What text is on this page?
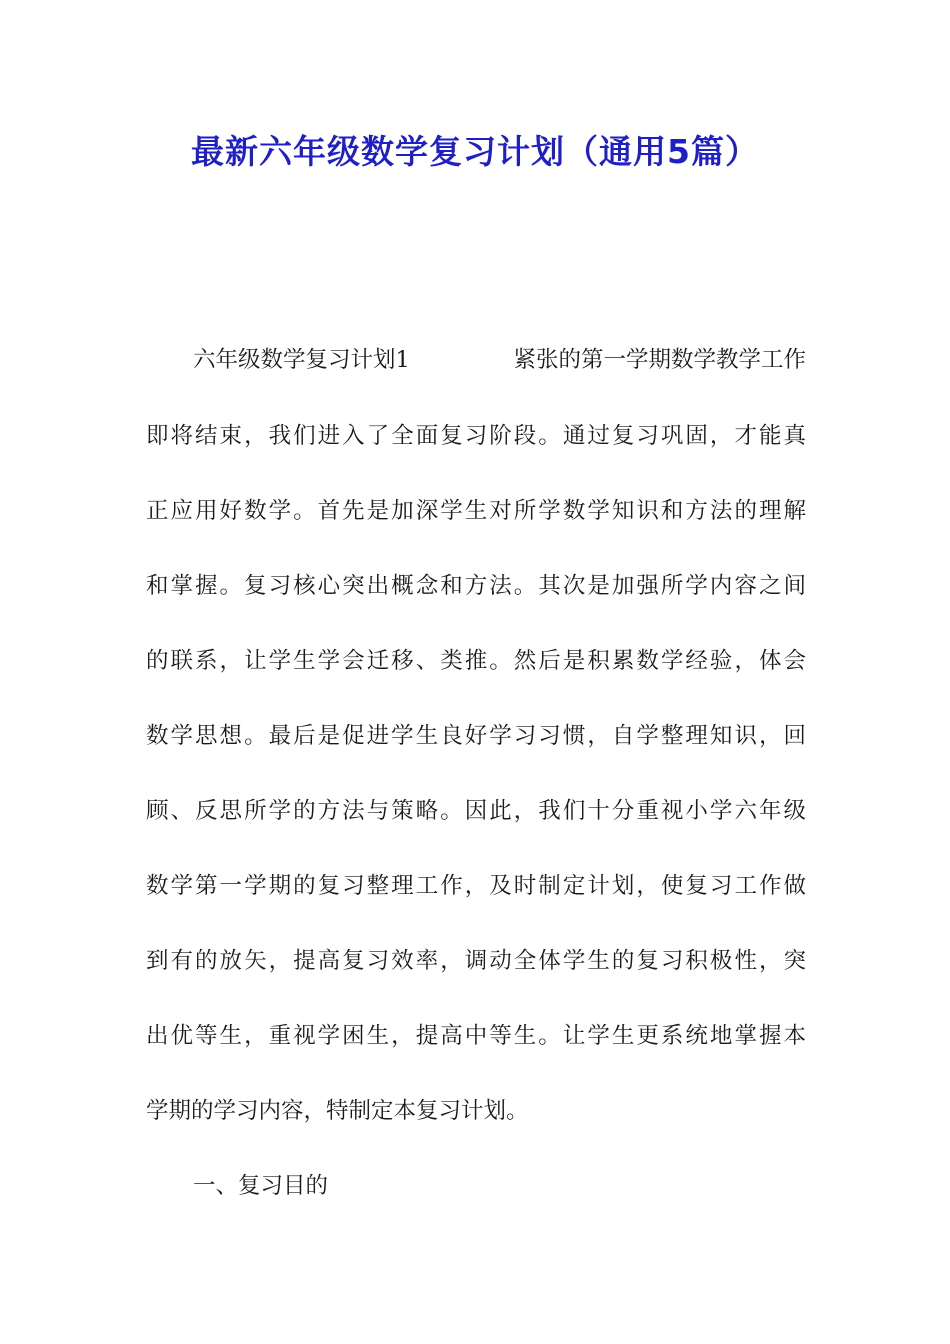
最新六年级数学复习计划（通用5篇）
六年级数学复习计划1	紧张的第一学期数学教学工作
即将结束，我们进入了全面复习阶段。通过复习巩固，才能真
正应用好数学。首先是加深学生对所学数学知识和方法的理解
和掌握。复习核心突出概念和方法。其次是加强所学内容之间
的联系，让学生学会迁移、类推。然后是积累数学经验，体会
数学思想。最后是促进学生良好学习习惯，自学整理知识，回
顾、反思所学的方法与策略。因此，我们十分重视小学六年级
数学第一学期的复习整理工作，及时制定计划，使复习工作做
到有的放矢，提高复习效率，调动全体学生的复习积极性，突
出优等生，重视学困生，提高中等生。让学生更系统地掌握本
学期的学习内容，特制定本复习计划。
一、复习目的
